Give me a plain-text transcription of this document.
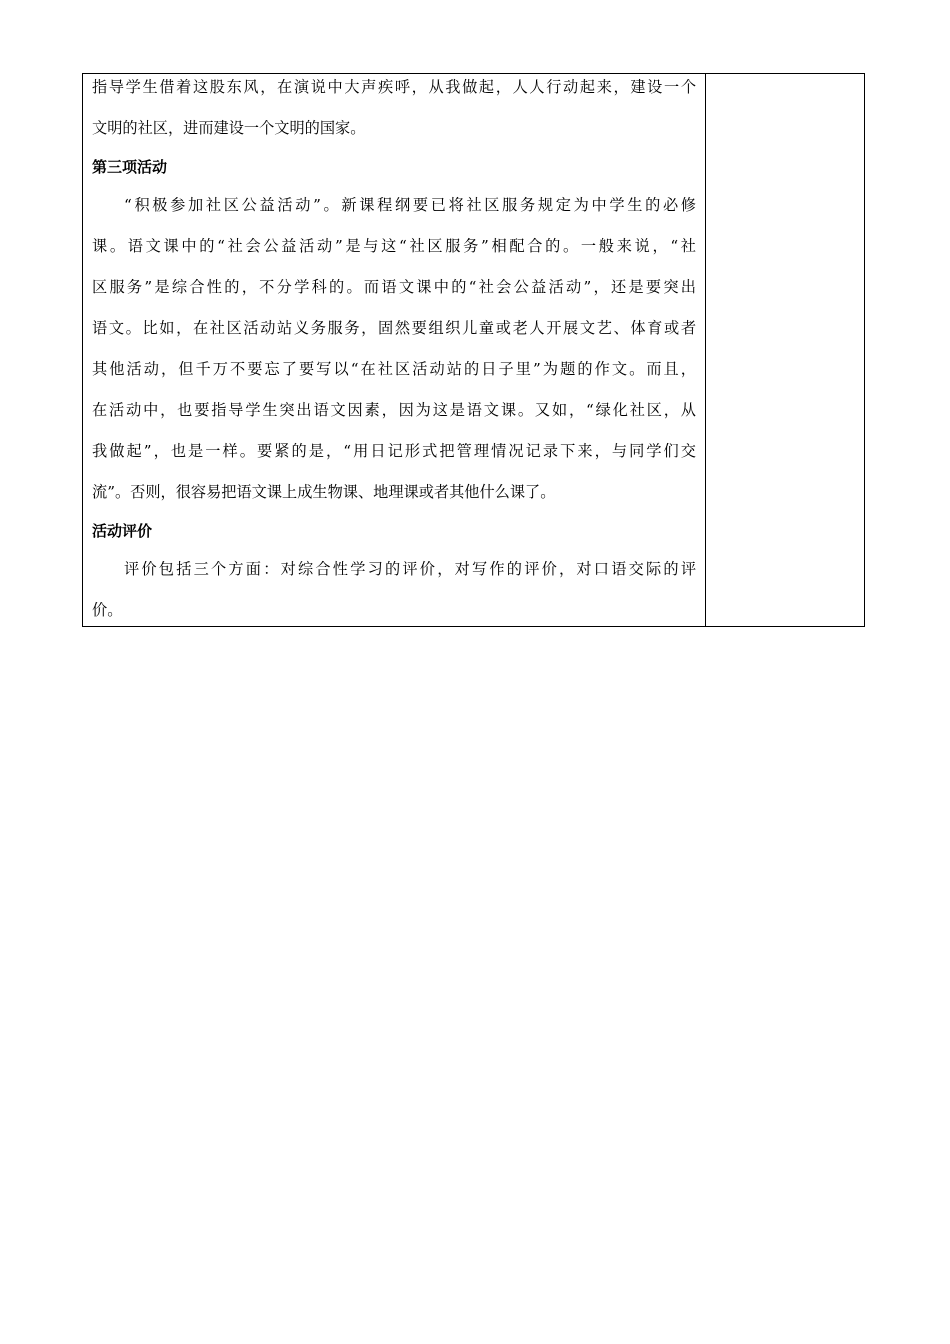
指导学生借着这股东风，在演说中大声疾呼，从我做起，人人行动起来，建设一个
文明的社区，进而建设一个文明的国家。
第三项活动
“积极参加社区公益活动”。新课程纲要已将社区服务规定为中学生的必修
课。语文课中的“社会公益活动”是与这“社区服务”相配合的。一般来说，“社
区服务”是综合性的，不分学科的。而语文课中的“社会公益活动”，还是要突出
语文。比如，在社区活动站义务服务，固然要组织儿童或老人开展文艺、体育或者
其他活动，但千万不要忘了要写以“在社区活动站的日子里”为题的作文。而且，
在活动中，也要指导学生突出语文因素，因为这是语文课。又如，“绿化社区，从
我做起”，也是一样。要紧的是，“用日记形式把管理情况记录下来，与同学们交
流”。否则，很容易把语文课上成生物课、地理课或者其他什么课了。
活动评价
评价包括三个方面：对综合性学习的评价，对写作的评价，对口语交际的评
价。
